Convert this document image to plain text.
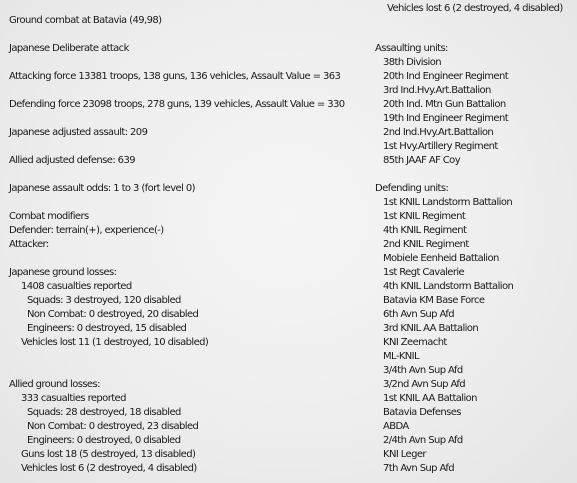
Vehicles lost 6 (2 destroyed, 4 disabled)
Ground combat at Batavia (49,98)
Japanese Deliberate attack
Attacking force 13381 troops, 138 guns, 136 vehicles, Assault Value = 363
Defending force 23098 troops, 278 guns, 139 vehicles, Assault Value = 330
Japanese adjusted assault: 209
Allied adjusted defense: 639
Japanese assault odds: 1 to 3 (fort level 0)
Combat modifiers
Defender: terrain(+), experience(-)
Attacker:
Japanese ground losses:
1408 casualties reported
Squads: 3 destroyed, 120 disabled
Non Combat: 0 destroyed, 20 disabled
Engineers: 0 destroyed, 15 disabled
Vehicles lost 11 (1 destroyed, 10 disabled)
Allied ground losses:
333 casualties reported
Squads: 28 destroyed, 18 disabled
Non Combat: 0 destroyed, 23 disabled
Engineers: 0 destroyed, 0 disabled
Guns lost 18 (5 destroyed, 13 disabled)
Vehicles lost 6 (2 destroyed, 4 disabled)
Assaulting units:
38th Division
20th Ind Engineer Regiment
3rd Ind.Hvy.Art.Battalion
20th Ind. Mtn Gun Battalion
19th Ind Engineer Regiment
2nd Ind.Hvy.Art.Battalion
1st Hvy.Artillery Regiment
85th JAAF AF Coy
Defending units:
1st KNIL Landstorm Battalion
1st KNIL Regiment
4th KNIL Regiment
2nd KNIL Regiment
Mobiele Eenheid Battalion
1st Regt Cavalerie
4th KNIL Landstorm Battalion
Batavia KM Base Force
6th Avn Sup Afd
3rd KNIL AA Battalion
KNI Zeemacht
ML-KNIL
3/4th Avn Sup Afd
3/2nd Avn Sup Afd
1st KNIL AA Battalion
Batavia Defenses
ABDA
2/4th Avn Sup Afd
KNI Leger
7th Avn Sup Afd
